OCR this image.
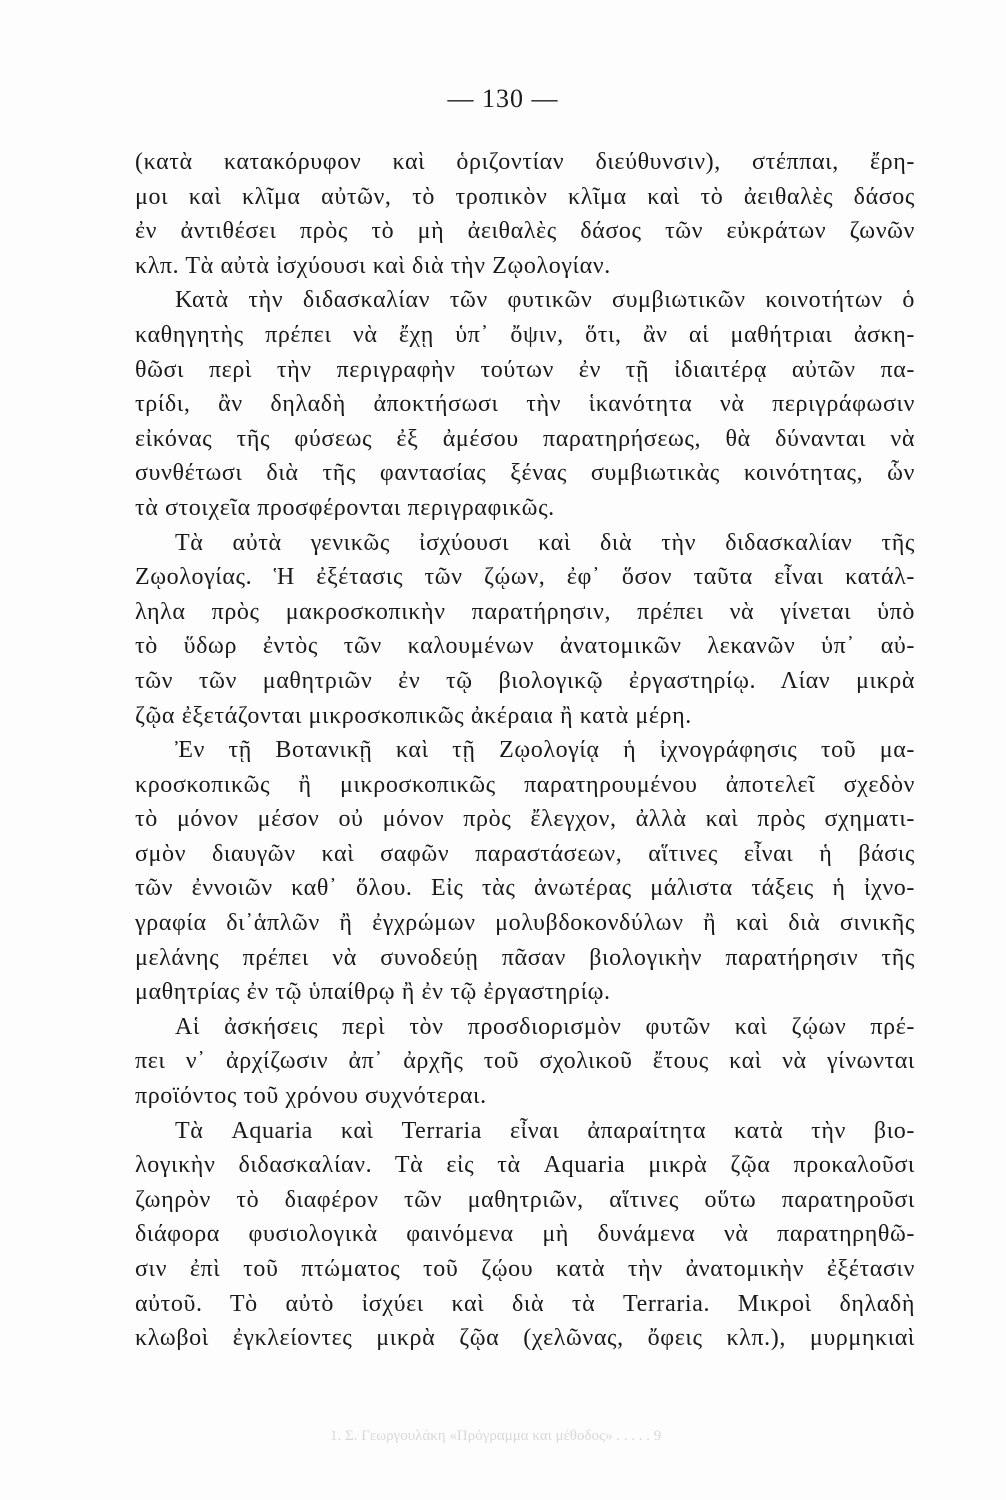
— 130 —
(κατὰ κατακόρυφον καὶ ὁριζοντίαν διεύθυνσιν), στέππαι, ἔρη-
μοι καὶ κλῖμα αὐτῶν, τὸ τροπικὸν κλῖμα καὶ τὸ ἀειθαλὲς δάσος
ἐν ἀντιθέσει πρὸς τὸ μὴ ἀειθαλὲς δάσος τῶν εὐκράτων ζωνῶν
κλπ. Τὰ αὐτὰ ἰσχύουσι καὶ διὰ τὴν Ζῳολογίαν.
Κατὰ τὴν διδασκαλίαν τῶν φυτικῶν συμβιωτικῶν κοινοτήτων ὁ
καθηγητὴς πρέπει νὰ ἔχῃ ὑπ᾽ ὄψιν, ὅτι, ἂν αἱ μαθήτριαι ἀσκη-
θῶσι περὶ τὴν περιγραφὴν τούτων ἐν τῇ ἰδιαιτέρᾳ αὐτῶν πα-
τρίδι, ἂν δηλαδὴ ἀποκτήσωσι τὴν ἱκανότητα νὰ περιγράφωσιν
εἰκόνας τῆς φύσεως ἐξ ἀμέσου παρατηρήσεως, θὰ δύνανται νὰ
συνθέτωσι διὰ τῆς φαντασίας ξένας συμβιωτικὰς κοινότητας, ὧν
τὰ στοιχεῖα προσφέρονται περιγραφικῶς.
Τὰ αὐτὰ γενικῶς ἰσχύουσι καὶ διὰ τὴν διδασκαλίαν τῆς
Ζῳολογίας. Ἡ ἐξέτασις τῶν ζῴων, ἐφ᾽ ὅσον ταῦτα εἶναι κατάλ-
ληλα πρὸς μακροσκοπικὴν παρατήρησιν, πρέπει νὰ γίνεται ὑπὸ
τὸ ὕδωρ ἐντὸς τῶν καλουμένων ἀνατομικῶν λεκανῶν ὑπ᾽ αὐ-
τῶν τῶν μαθητριῶν ἐν τῷ βιολογικῷ ἐργαστηρίῳ. Λίαν μικρὰ
ζῷα ἐξετάζονται μικροσκοπικῶς ἀκέραια ἢ κατὰ μέρη.
Ἐν τῇ Βοτανικῇ καὶ τῇ Ζῳολογίᾳ ἡ ἰχνογράφησις τοῦ μα-
κροσκοπικῶς ἢ μικροσκοπικῶς παρατηρουμένου ἀποτελεῖ σχεδὸν
τὸ μόνον μέσον οὐ μόνον πρὸς ἔλεγχον, ἀλλὰ καὶ πρὸς σχηματι-
σμὸν διαυγῶν καὶ σαφῶν παραστάσεων, αἵτινες εἶναι ἡ βάσις
τῶν ἐννοιῶν καθ᾽ ὅλου. Εἰς τὰς ἀνωτέρας μάλιστα τάξεις ἡ ἰχνο-
γραφία δι᾽ἁπλῶν ἢ ἐγχρώμων μολυβδοκονδύλων ἢ καὶ διὰ σινικῆς
μελάνης πρέπει νὰ συνοδεύῃ πᾶσαν βιολογικὴν παρατήρησιν τῆς
μαθητρίας ἐν τῷ ὑπαίθρῳ ἢ ἐν τῷ ἐργαστηρίῳ.
Αἱ ἀσκήσεις περὶ τὸν προσδιορισμὸν φυτῶν καὶ ζῴων πρέ-
πει ν᾽ ἀρχίζωσιν ἀπ᾽ ἀρχῆς τοῦ σχολικοῦ ἔτους καὶ νὰ γίνωνται
προϊόντος τοῦ χρόνου συχνότεραι.
Τὰ Aquaria καὶ Terraria εἶναι ἀπαραίτητα κατὰ τὴν βιο-
λογικὴν διδασκαλίαν. Τὰ εἰς τὰ Aquaria μικρὰ ζῷα προκαλοῦσι
ζωηρὸν τὸ διαφέρον τῶν μαθητριῶν, αἵτινες οὕτω παρατηροῦσι
διάφορα φυσιολογικὰ φαινόμενα μὴ δυνάμενα νὰ παρατηρηθῶ-
σιν ἐπὶ τοῦ πτώματος τοῦ ζῴου κατὰ τὴν ἀνατομικὴν ἐξέτασιν
αὐτοῦ. Τὸ αὐτὸ ἰσχύει καὶ διὰ τὰ Terraria. Μικροὶ δηλαδὴ
κλωβοὶ ἐγκλείοντες μικρὰ ζῷα (χελῶνας, ὄφεις κλπ.), μυρμηκιαὶ
1. Σ. Γεωργουλάκη «Πρόγραμμα και μέθοδος» . . . . . 9
